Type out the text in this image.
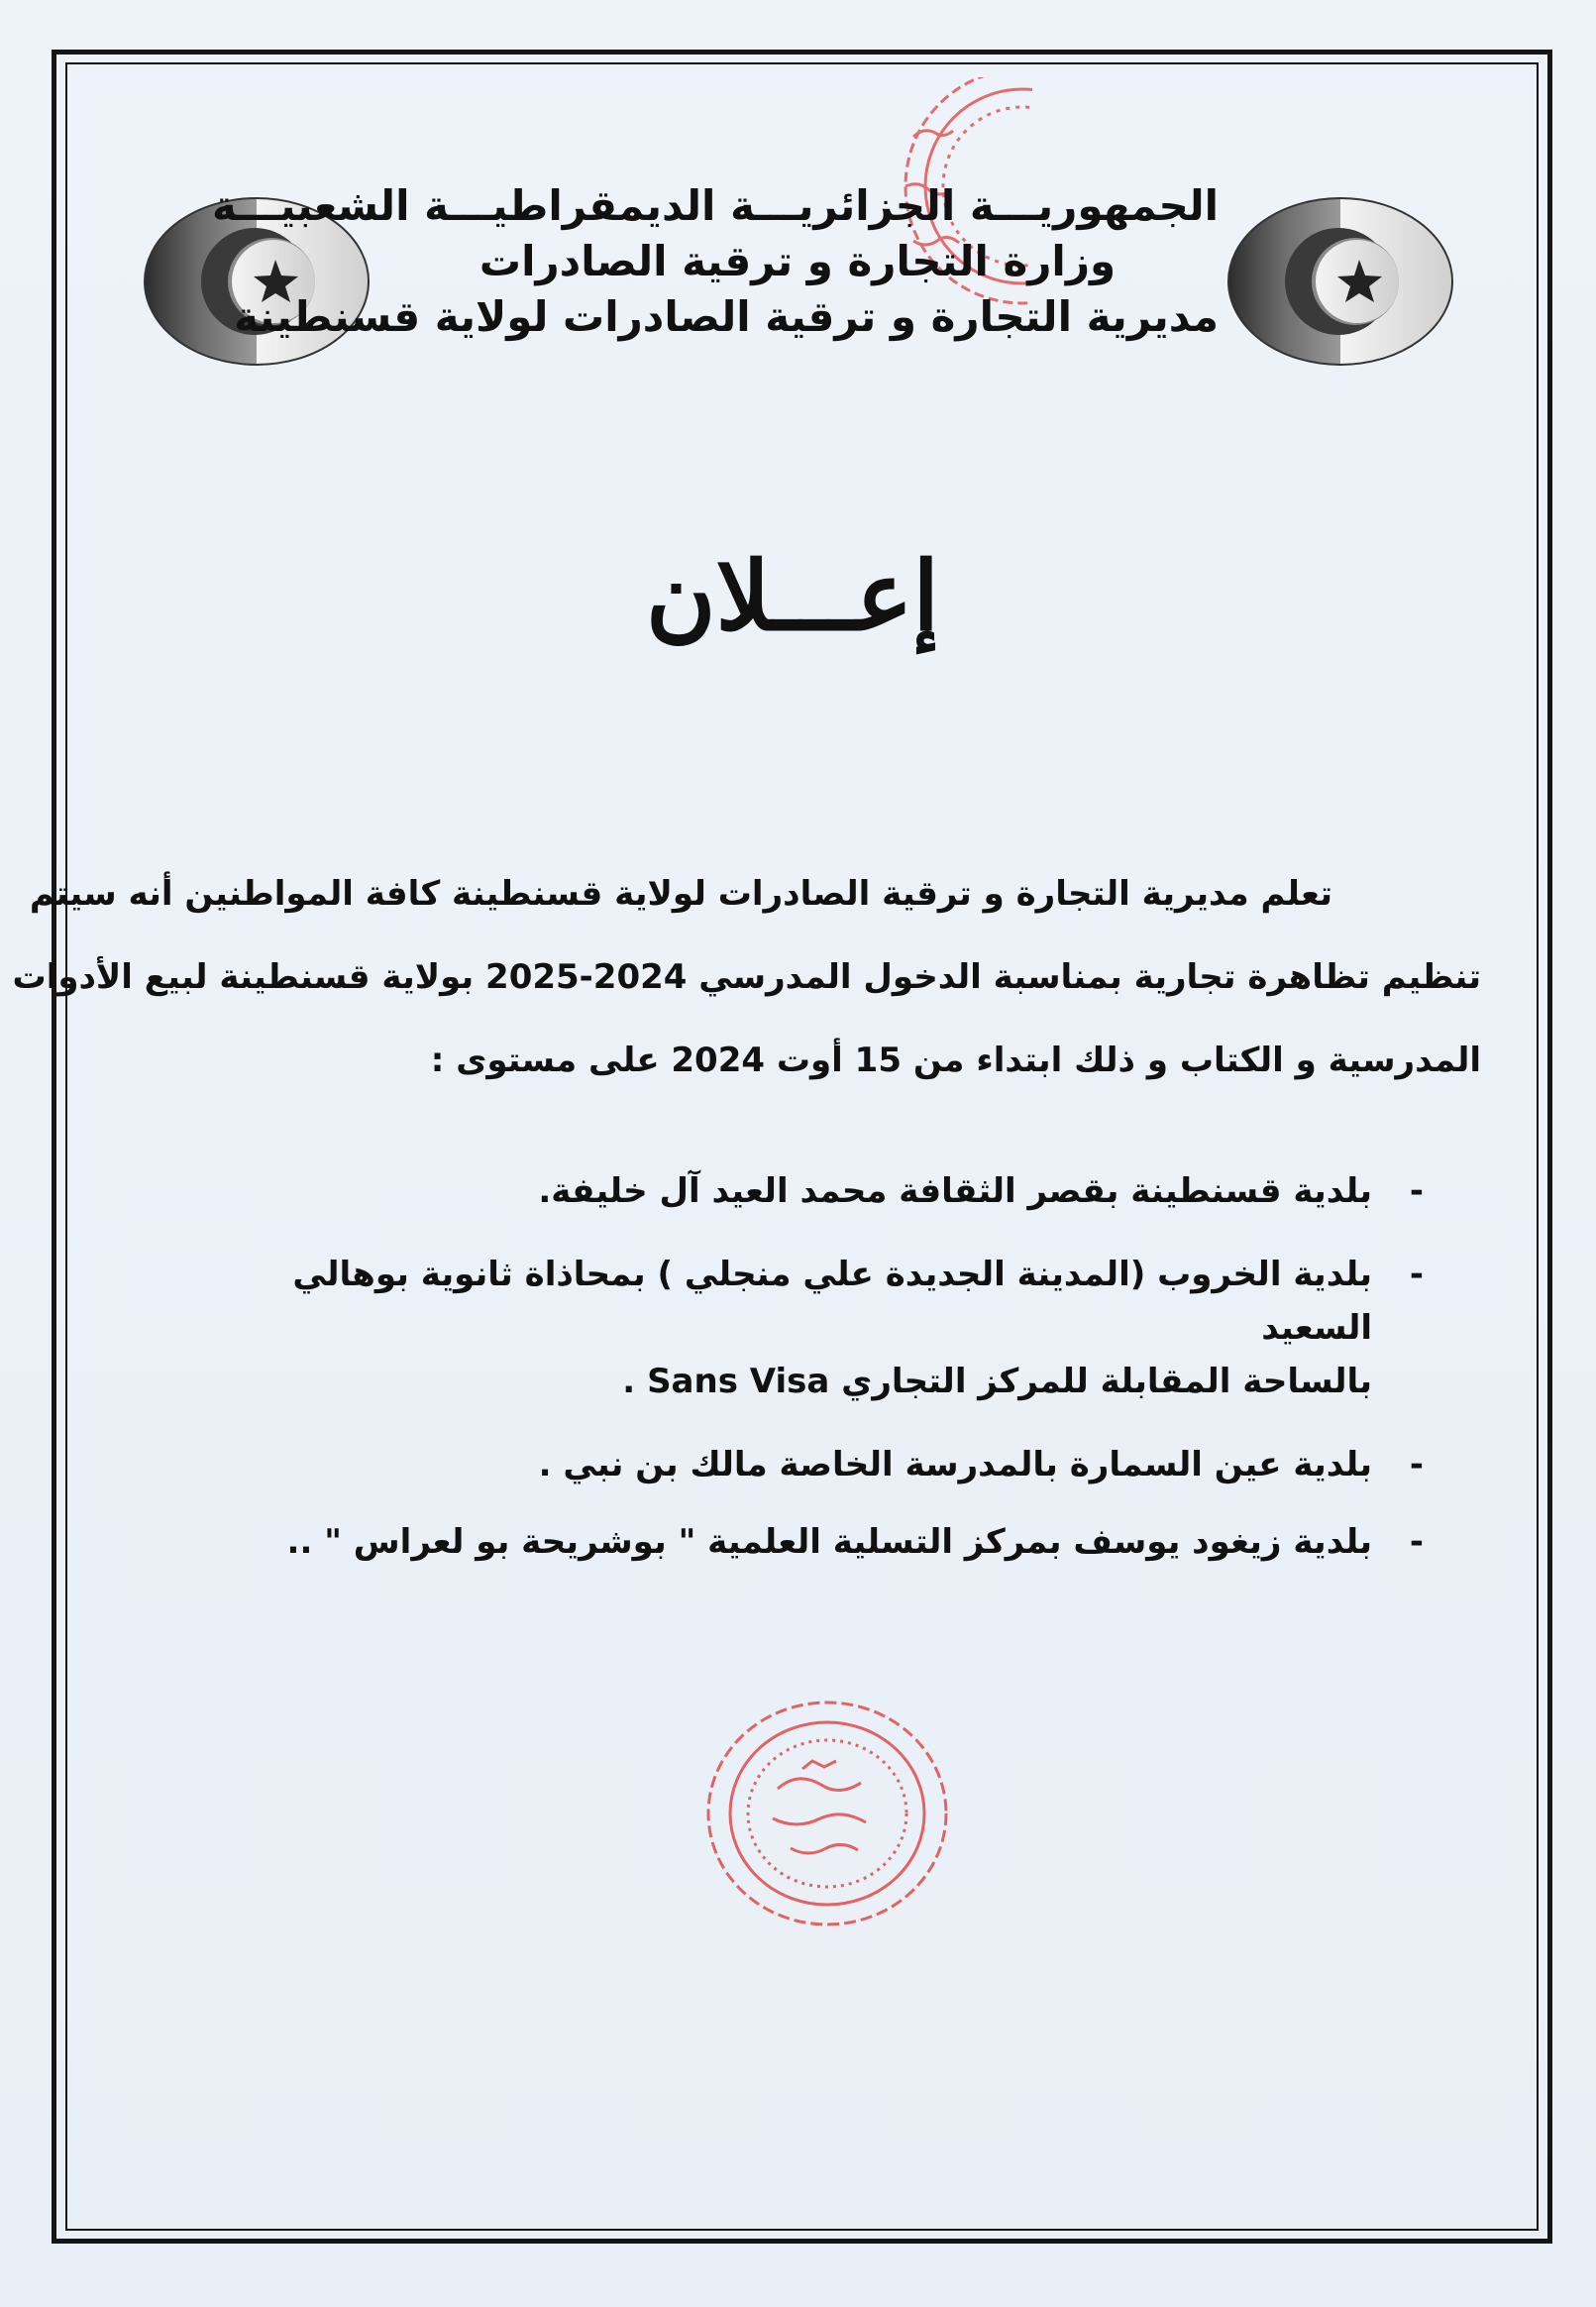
الجمهوريـــة الجزائريـــة الديمقراطيـــة الشعبيـــة
وزارة التجارة و ترقية الصادرات
مديرية التجارة و ترقية الصادرات لولاية قسنطينة
إعـــلان
تعلم مديرية التجارة و ترقية الصادرات لولاية قسنطينة كافة المواطنين أنه سيتم
تنظيم تظاهرة تجارية بمناسبة الدخول المدرسي 2024-2025 بولاية قسنطينة لبيع الأدوات
المدرسية و الكتاب و ذلك ابتداء من 15 أوت 2024 على مستوى :
-
بلدية قسنطينة بقصر الثقافة محمد العيد آل خليفة.
-
بلدية الخروب (المدينة الجديدة علي منجلي ) بمحاذاة ثانوية بوهالي السعيد
بالساحة المقابلة للمركز التجاري Sans Visa .
-
بلدية عين السمارة بالمدرسة الخاصة مالك بن نبي .
-
بلدية زيغود يوسف بمركز التسلية العلمية " بوشريحة بو لعراس " ..
